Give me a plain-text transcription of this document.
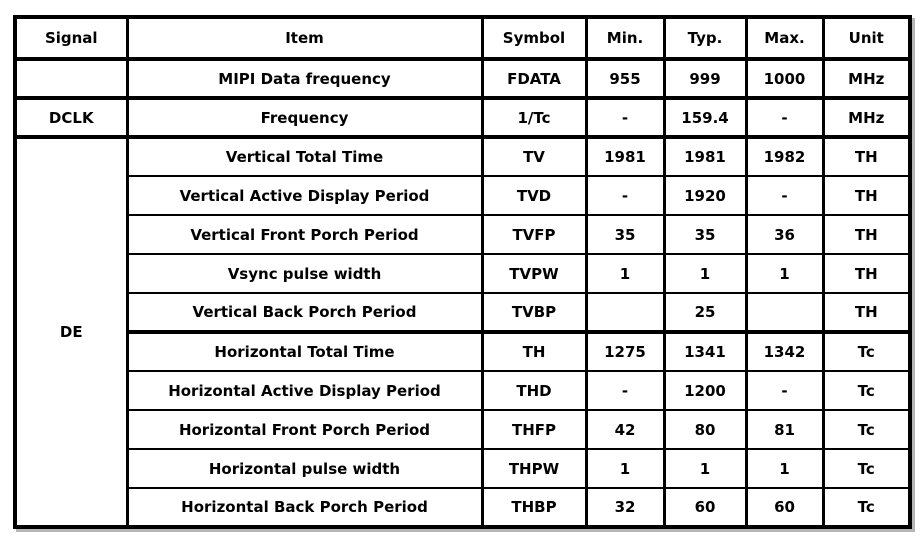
Signal	Item	Symbol	Min.	Typ.	Max.	Unit
	MIPI Data frequency	FDATA	955	999	1000	MHz
DCLK	Frequency	1/Tc	-	159.4	-	MHz
DE	Vertical Total Time	TV	1981	1981	1982	TH
	Vertical Active Display Period	TVD	-	1920	-	TH
	Vertical Front Porch Period	TVFP	35	35	36	TH
	Vsync pulse width	TVPW	1	1	1	TH
	Vertical Back Porch Period	TVBP		25		TH
	Horizontal Total Time	TH	1275	1341	1342	Tc
	Horizontal Active Display Period	THD	-	1200	-	Tc
	Horizontal Front Porch Period	THFP	42	80	81	Tc
	Horizontal pulse width	THPW	1	1	1	Tc
	Horizontal Back Porch Period	THBP	32	60	60	Tc
